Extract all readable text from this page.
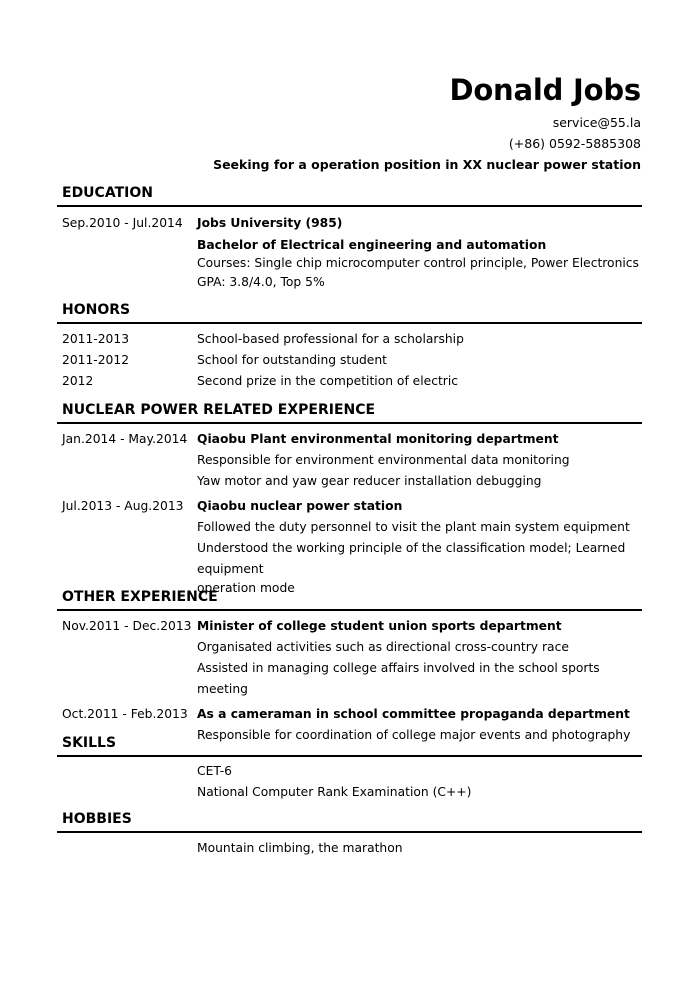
Donald Jobs
service@55.la
(+86) 0592-5885308
Seeking for a operation position in XX nuclear power station
EDUCATION
Sep.2010 - Jul.2014 Jobs University (985)
Bachelor of Electrical engineering and automation
Courses: Single chip microcomputer control principle, Power Electronics
GPA: 3.8/4.0, Top 5%
HONORS
2011-2013	School-based professional for a scholarship
2011-2012	School for outstanding student
2012	Second prize in the competition of electric
NUCLEAR POWER RELATED EXPERIENCE
Jan.2014 - May.2014 Qiaobu Plant environmental monitoring department
Responsible for environment environmental data monitoring
Yaw motor and yaw gear reducer installation debugging
Jul.2013 - Aug.2013 Qiaobu nuclear power station
Followed the duty personnel to visit the plant main system equipment
Understood the working principle of the classification model; Learned equipment
operation mode
OTHER EXPERIENCE
Nov.2011 - Dec.2013 Minister of college student union sports department
Organisated activities such as directional cross-country race
Assisted in managing college affairs involved in the school sports meeting
Oct.2011 - Feb.2013 As a cameraman in school committee propaganda department
Responsible for coordination of college major events and photography
SKILLS
CET-6
National Computer Rank Examination (C++)
HOBBIES
Mountain climbing, the marathon
